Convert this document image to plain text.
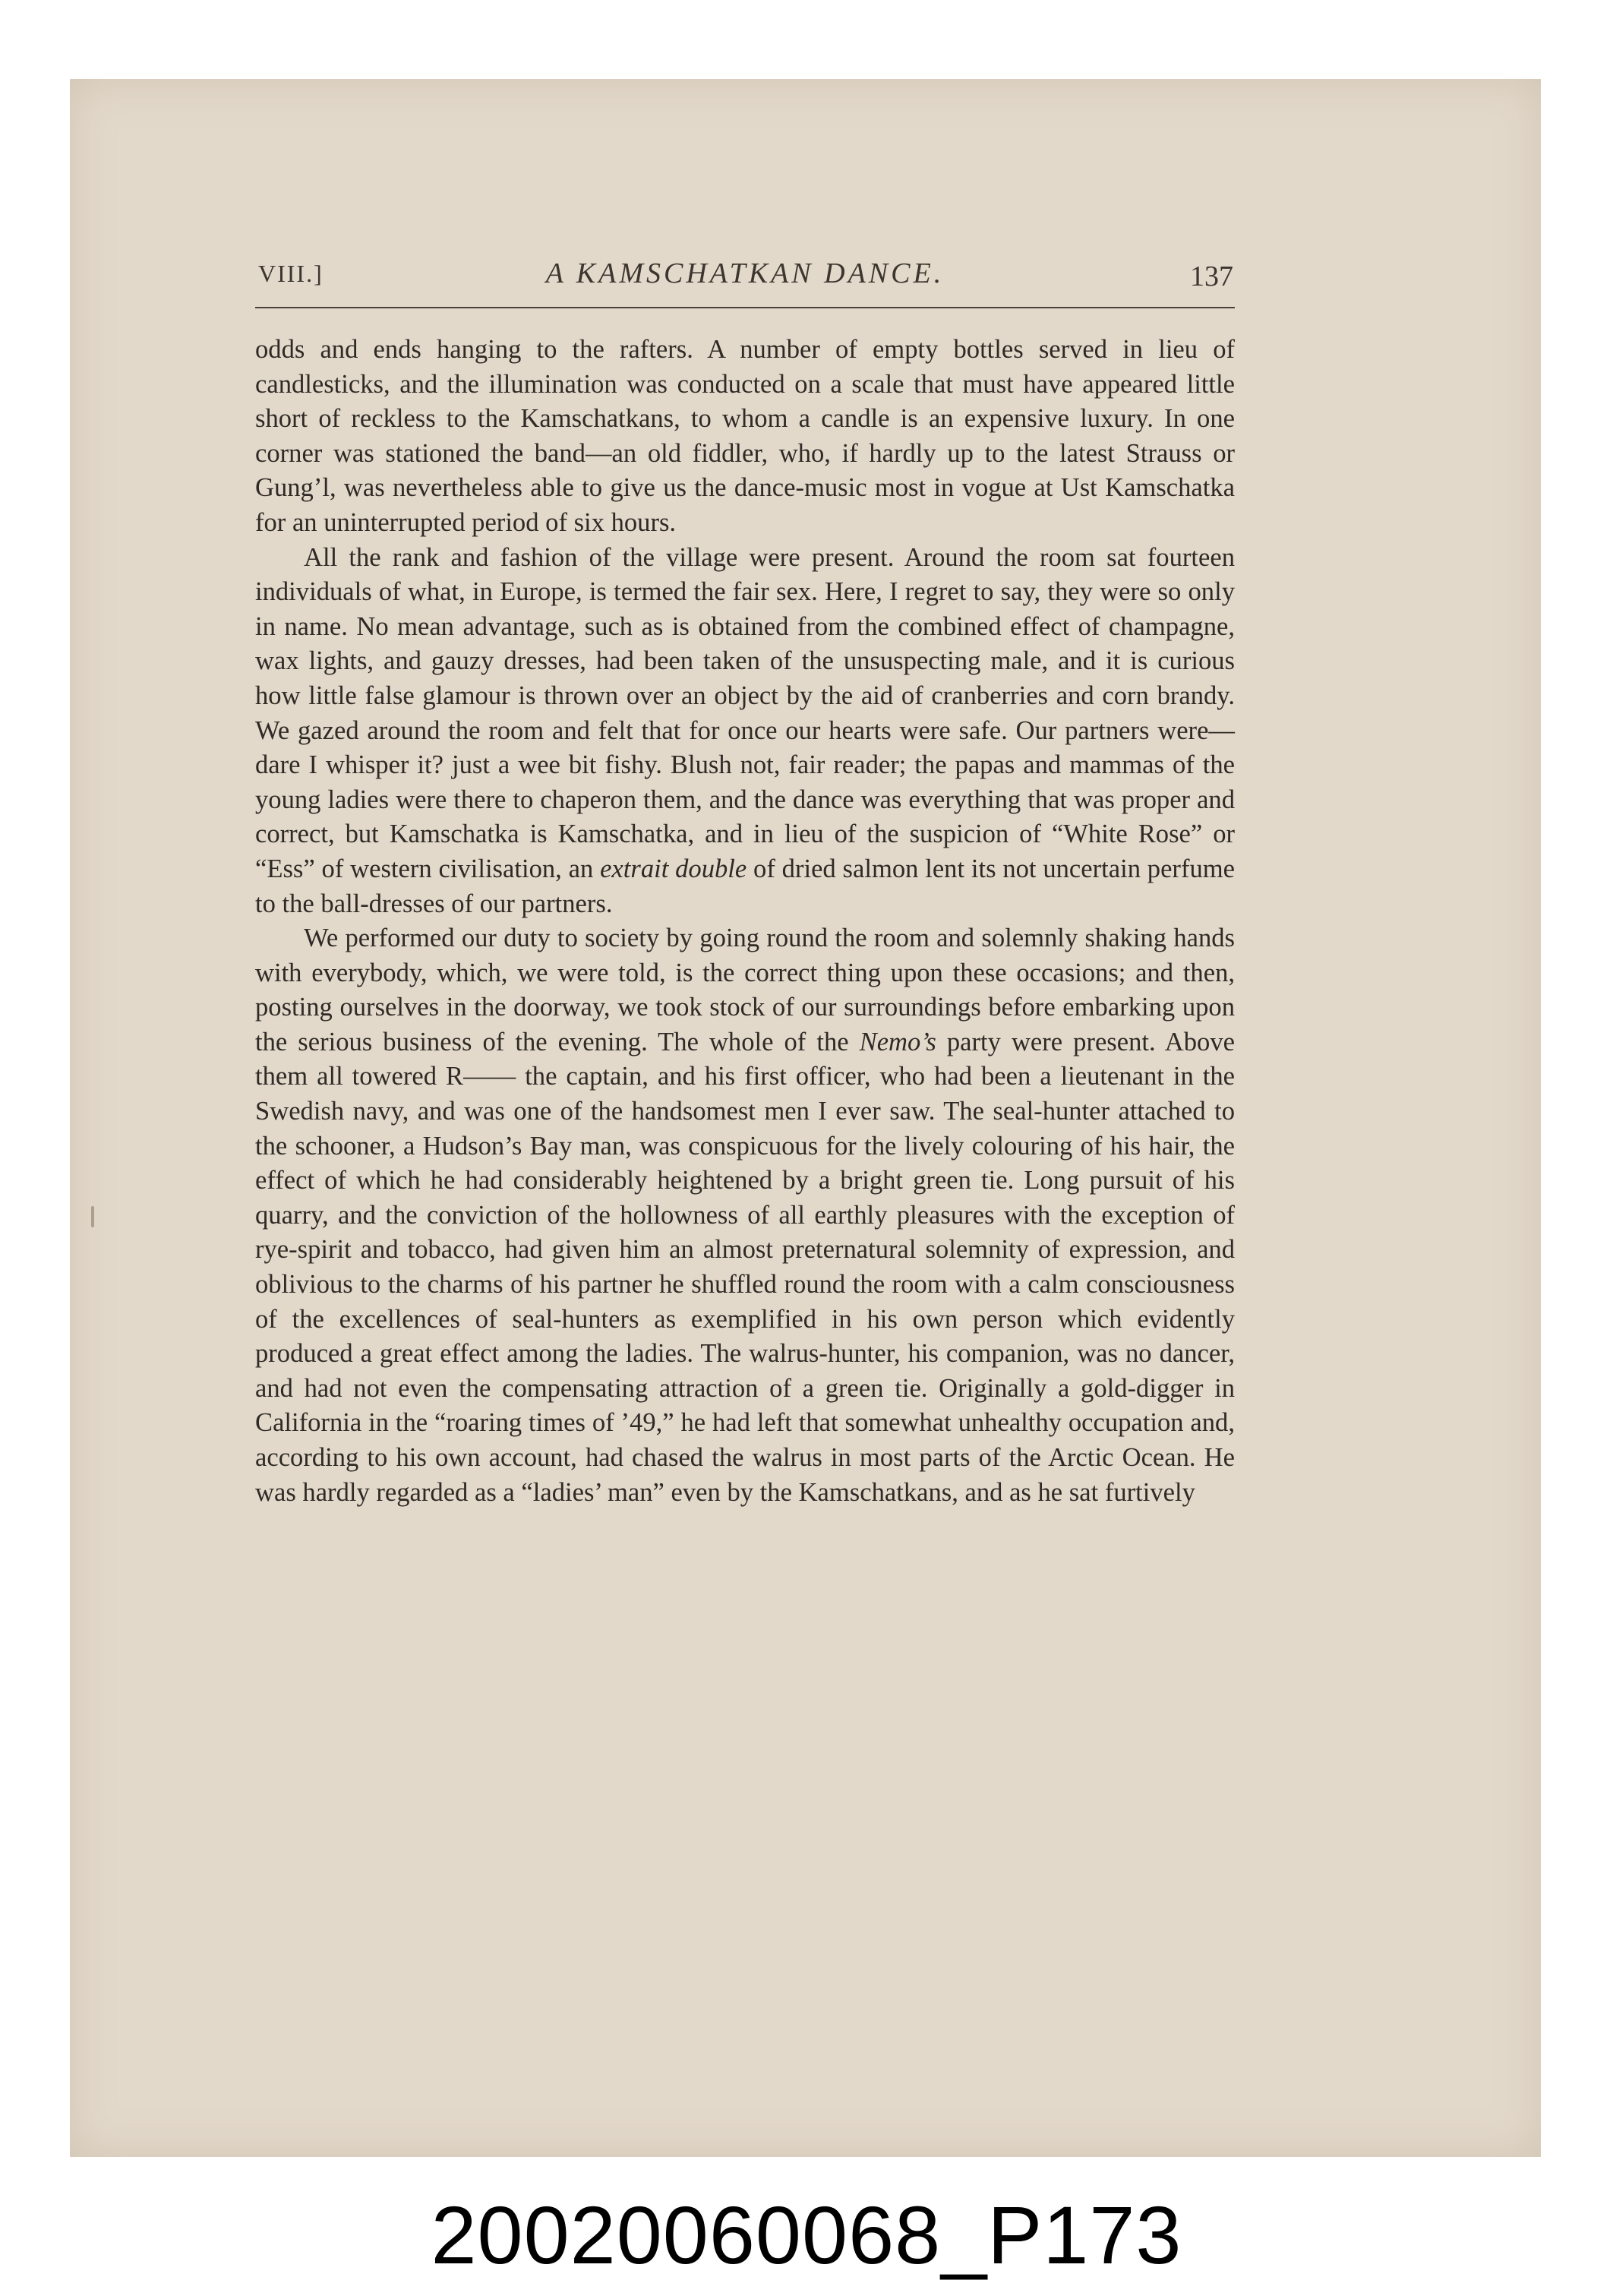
VIII.]	A KAMSCHATKAN DANCE.	137

odds and ends hanging to the rafters. A number of empty bottles served in lieu of candlesticks, and the illumination was conducted on a scale that must have appeared little short of reckless to the Kamschatkans, to whom a candle is an expensive luxury. In one corner was stationed the band—an old fiddler, who, if hardly up to the latest Strauss or Gung’l, was nevertheless able to give us the dance-music most in vogue at Ust Kamschatka for an uninterrupted period of six hours.

All the rank and fashion of the village were present. Around the room sat fourteen individuals of what, in Europe, is termed the fair sex. Here, I regret to say, they were so only in name. No mean advantage, such as is obtained from the combined effect of champagne, wax lights, and gauzy dresses, had been taken of the unsuspecting male, and it is curious how little false glamour is thrown over an object by the aid of cranberries and corn brandy. We gazed around the room and felt that for once our hearts were safe. Our partners were—dare I whisper it? just a wee bit fishy. Blush not, fair reader; the papas and mammas of the young ladies were there to chaperon them, and the dance was everything that was proper and correct, but Kamschatka is Kamschatka, and in lieu of the suspicion of “White Rose” or “Ess” of western civilisation, an extrait double of dried salmon lent its not uncertain perfume to the ball-dresses of our partners.

We performed our duty to society by going round the room and solemnly shaking hands with everybody, which, we were told, is the correct thing upon these occasions; and then, posting ourselves in the doorway, we took stock of our surroundings before embarking upon the serious business of the evening. The whole of the Nemo’s party were present. Above them all towered R—— the captain, and his first officer, who had been a lieutenant in the Swedish navy, and was one of the handsomest men I ever saw. The seal-hunter attached to the schooner, a Hudson’s Bay man, was conspicuous for the lively colouring of his hair, the effect of which he had considerably heightened by a bright green tie. Long pursuit of his quarry, and the conviction of the hollowness of all earthly pleasures with the exception of rye-spirit and tobacco, had given him an almost preternatural solemnity of expression, and oblivious to the charms of his partner he shuffled round the room with a calm consciousness of the excellences of seal-hunters as exemplified in his own person which evidently produced a great effect among the ladies. The walrus-hunter, his companion, was no dancer, and had not even the compensating attraction of a green tie. Originally a gold-digger in California in the “roaring times of ’49,” he had left that somewhat unhealthy occupation and, according to his own account, had chased the walrus in most parts of the Arctic Ocean. He was hardly regarded as a “ladies’ man” even by the Kamschatkans, and as he sat furtively

20020060068_P173
